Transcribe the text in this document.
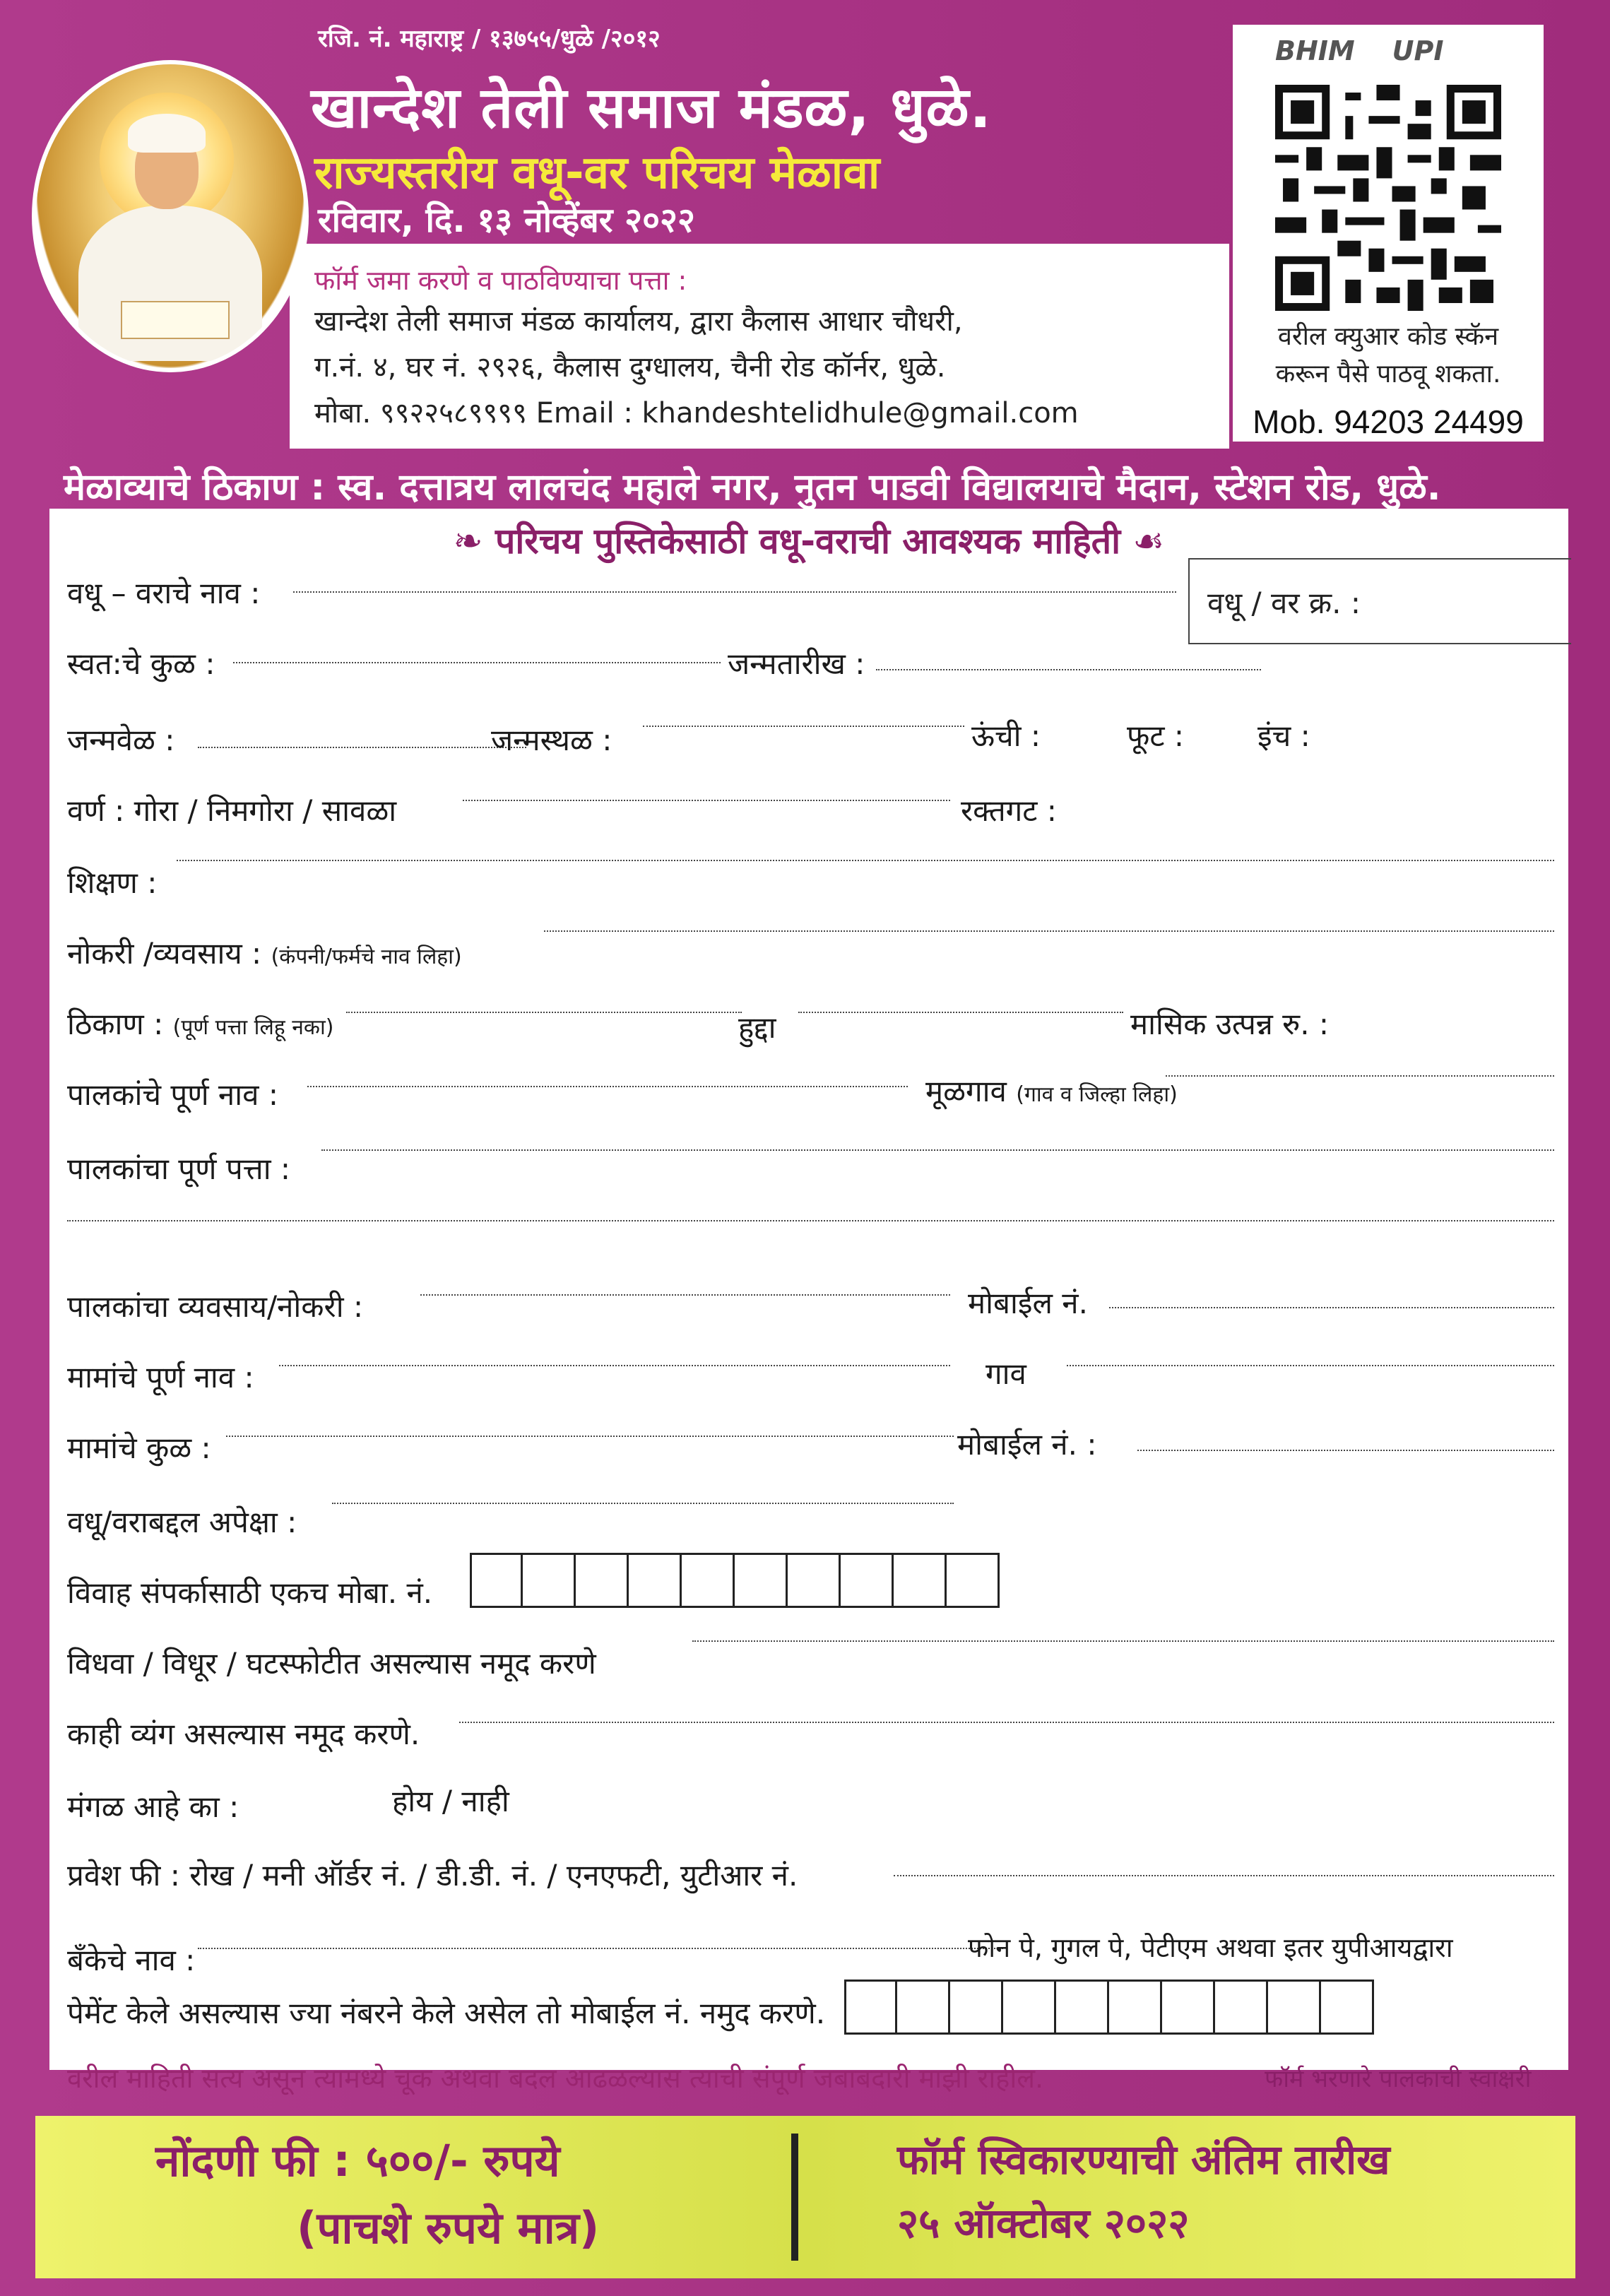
रजि. नं. महाराष्ट्र / १३७५५/धुळे /२०१२
खान्देश तेली समाज मंडळ, धुळे.
राज्यस्तरीय वधू-वर परिचय मेळावा
रविवार, दि. १३ नोव्हेंबर २०२२
फॉर्म जमा करणे व पाठविण्याचा पत्ता :
खान्देश तेली समाज मंडळ कार्यालय, द्वारा कैलास आधार चौधरी,
ग.नं. ४, घर नं. २९२६, कैलास दुग्धालय, चैनी रोड कॉर्नर, धुळे.
मोबा. ९९२२५८९९९९ Email : khandeshtelidhule@gmail.com
BHIM UPI
वरील क्युआर कोड स्कॅन
करून पैसे पाठवू शकता.
Mob. 94203 24499
मेळाव्याचे ठिकाण : स्व. दत्तात्रय लालचंद महाले नगर, नुतन पाडवी विद्यालयाचे मैदान, स्टेशन रोड, धुळे.
❧ परिचय पुस्तिकेसाठी वधू-वराची आवश्यक माहिती ☙
वधू / वर क्र. :
वधू – वराचे नाव :
स्वत:चे कुळ :	जन्मतारीख :
जन्मवेळ :	जन्मस्थळ :	ऊंची :	फूट : इंच :
वर्ण : गोरा / निमगोरा / सावळा	रक्तगट :
शिक्षण :
नोकरी /व्यवसाय : (कंपनी/फर्मचे नाव लिहा)
ठिकाण : (पूर्ण पत्ता लिहू नका)	हुद्दा	मासिक उत्पन्न रु. :
पालकांचे पूर्ण नाव :	मूळगाव (गाव व जिल्हा लिहा)
पालकांचा पूर्ण पत्ता :
पालकांचा व्यवसाय/नोकरी :	मोबाईल नं.
मामांचे पूर्ण नाव :	गाव
मामांचे कुळ :	मोबाईल नं. :
वधू/वराबद्दल अपेक्षा :
विवाह संपर्कासाठी एकच मोबा. नं.
विधवा / विधूर / घटस्फोटीत असल्यास नमूद करणे
काही व्यंग असल्यास नमूद करणे.
मंगळ आहे का :	होय / नाही
प्रवेश फी : रोख / मनी ऑर्डर नं. / डी.डी. नं. / एनएफटी, युटीआर नं.
बँकेचे नाव :	फोन पे, गुगल पे, पेटीएम अथवा इतर युपीआयद्वारा
पेमेंट केले असल्यास ज्या नंबरने केले असेल तो मोबाईल नं. नमुद करणे.
वरील माहिती सत्य असून त्यामध्ये चूक अथवा बदल आढळल्यास त्याची संपूर्ण जबाबदारी माझी राहील.	फॉर्म भरणारे पालकाची स्वाक्षरी
नोंदणी फी : ५००/- रुपये
(पाचशे रुपये मात्र)
फॉर्म स्विकारण्याची अंतिम तारीख
२५ ऑक्टोबर २०२२
